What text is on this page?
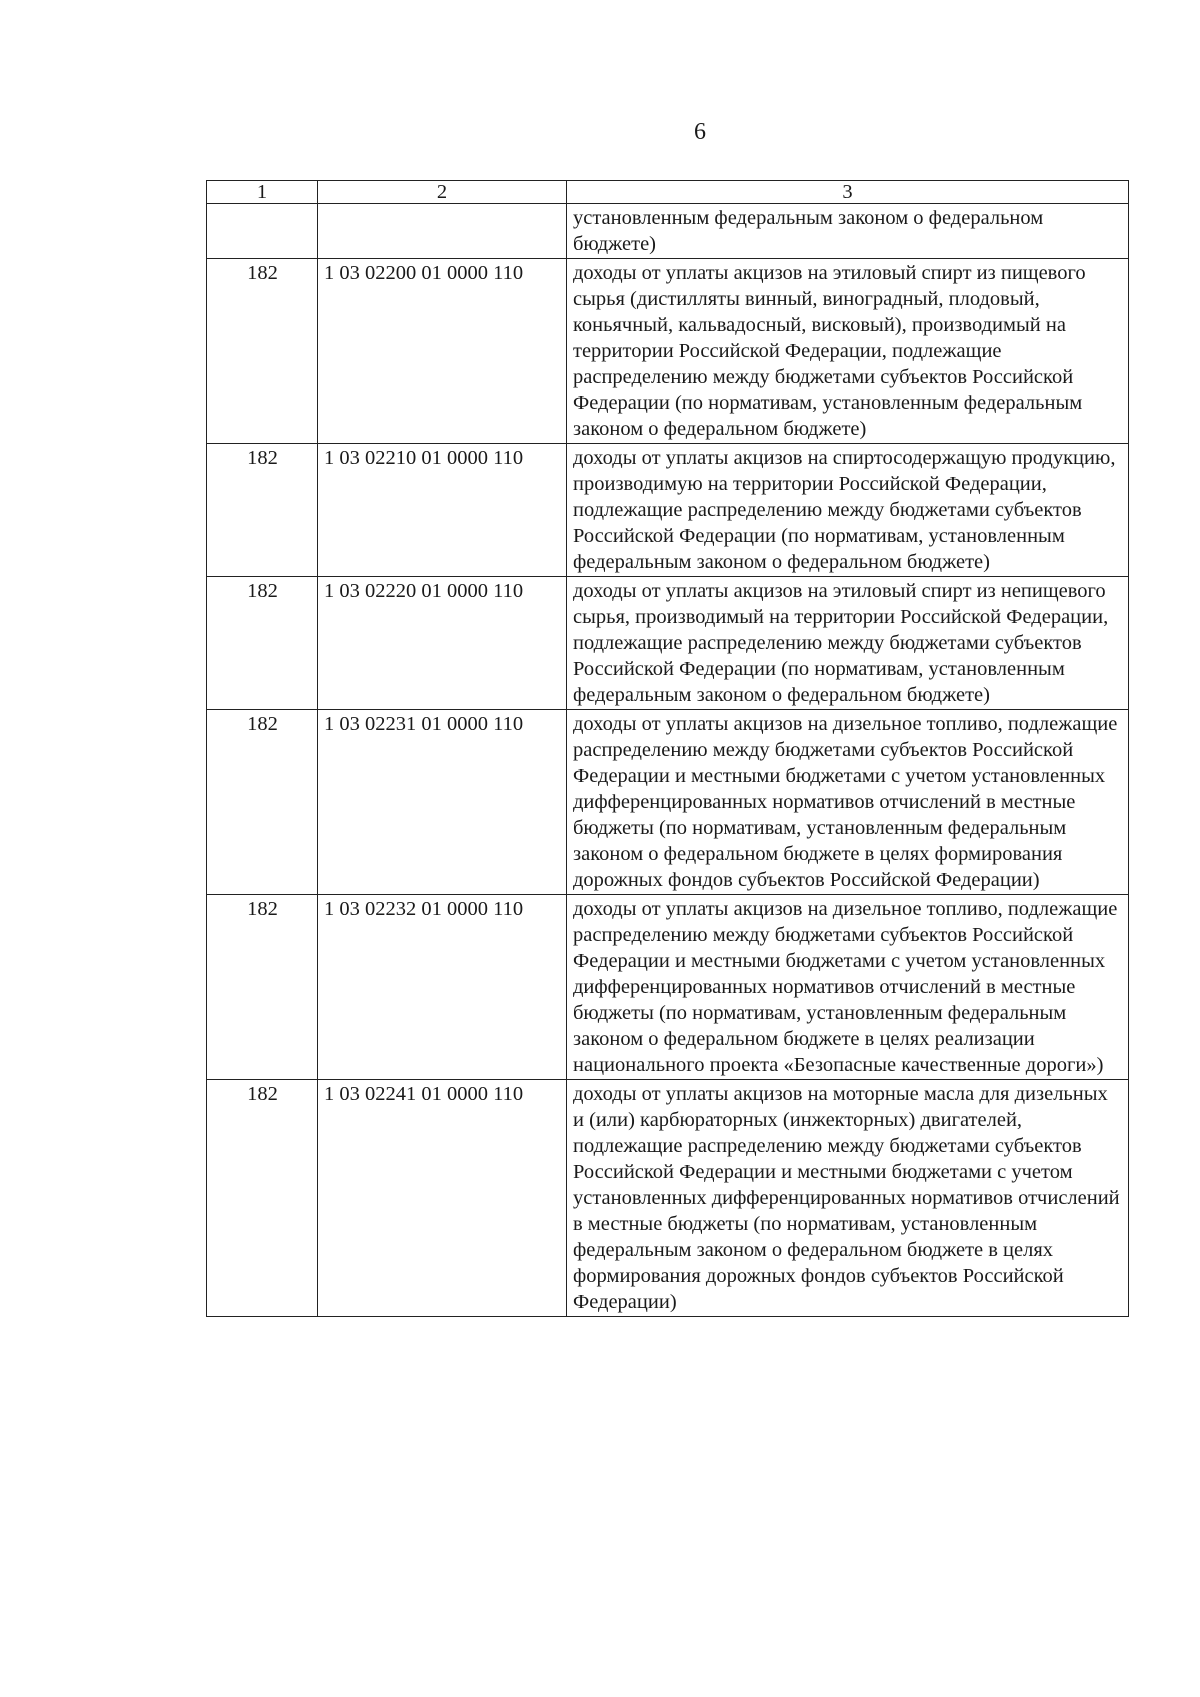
6
1	2	3
		установленным федеральным законом о федеральном бюджете)
182	1 03 02200 01 0000 110	доходы от уплаты акцизов на этиловый спирт из пищевого сырья (дистилляты винный, виноградный, плодовый, коньячный, кальвадосный, висковый), производимый на территории Российской Федерации, подлежащие распределению между бюджетами субъектов Российской Федерации (по нормативам, установленным федеральным законом о федеральном бюджете)
182	1 03 02210 01 0000 110	доходы от уплаты акцизов на спиртосодержащую продукцию, производимую на территории Российской Федерации, подлежащие распределению между бюджетами субъектов Российской Федерации (по нормативам, установленным федеральным законом о федеральном бюджете)
182	1 03 02220 01 0000 110	доходы от уплаты акцизов на этиловый спирт из непищевого сырья, производимый на территории Российской Федерации, подлежащие распределению между бюджетами субъектов Российской Федерации (по нормативам, установленным федеральным законом о федеральном бюджете)
182	1 03 02231 01 0000 110	доходы от уплаты акцизов на дизельное топливо, подлежащие распределению между бюджетами субъектов Российской Федерации и местными бюджетами с учетом установленных дифференцированных нормативов отчислений в местные бюджеты (по нормативам, установленным федеральным законом о федеральном бюджете в целях формирования дорожных фондов субъектов Российской Федерации)
182	1 03 02232 01 0000 110	доходы от уплаты акцизов на дизельное топливо, подлежащие распределению между бюджетами субъектов Российской Федерации и местными бюджетами с учетом установленных дифференцированных нормативов отчислений в местные бюджеты (по нормативам, установленным федеральным законом о федеральном бюджете в целях реализации национального проекта «Безопасные качественные дороги»)
182	1 03 02241 01 0000 110	доходы от уплаты акцизов на моторные масла для дизельных и (или) карбюраторных (инжекторных) двигателей, подлежащие распределению между бюджетами субъектов Российской Федерации и местными бюджетами с учетом установленных дифференцированных нормативов отчислений в местные бюджеты (по нормативам, установленным федеральным законом о федеральном бюджете в целях формирования дорожных фондов субъектов Российской Федерации)
